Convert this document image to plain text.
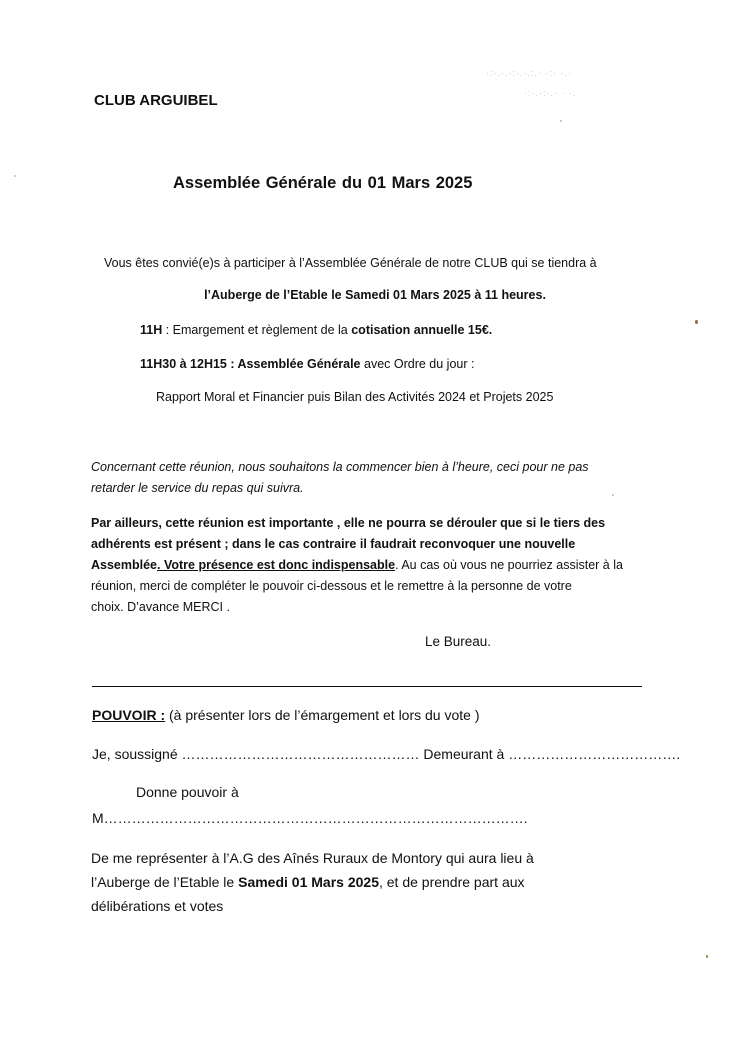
CLUB ARGUIBEL
Assemblée Générale du 01 Mars 2025
Vous êtes convié(e)s à participer à l’Assemblée Générale de notre CLUB qui se tiendra à
l’Auberge de l’Etable le Samedi 01 Mars 2025 à 11 heures.
11H : Emargement et règlement de la cotisation annuelle 15€.
11H30 à 12H15 : Assemblée Générale avec Ordre du jour :
Rapport Moral et Financier puis Bilan des Activités 2024 et Projets 2025
Concernant cette réunion, nous souhaitons la commencer bien à l’heure, ceci pour ne pas
retarder le service du repas qui suivra.
Par ailleurs, cette réunion est importante , elle ne pourra se dérouler que si le tiers des
adhérents est présent ; dans le cas contraire il faudrait reconvoquer une nouvelle
Assemblée. Votre présence est donc indispensable. Au cas où vous ne pourriez assister à la
réunion, merci de compléter le pouvoir ci-dessous et le remettre à la personne de votre
choix. D’avance MERCI .
Le Bureau.
POUVOIR : (à présenter lors de l’émargement et lors du vote )
Je, soussigné …………………………………………… Demeurant à ……………………………….
Donne pouvoir à
M……………………………………………………………………………….
De me représenter à l’A.G des Aînés Ruraux de Montory qui aura lieu à
l’Auberge de l’Etable le Samedi 01 Mars 2025, et de prendre part aux
délibérations et votes
·:·.·.·:·.·.:.· ·:· ·.·
·:·.·:·.· · ·.
